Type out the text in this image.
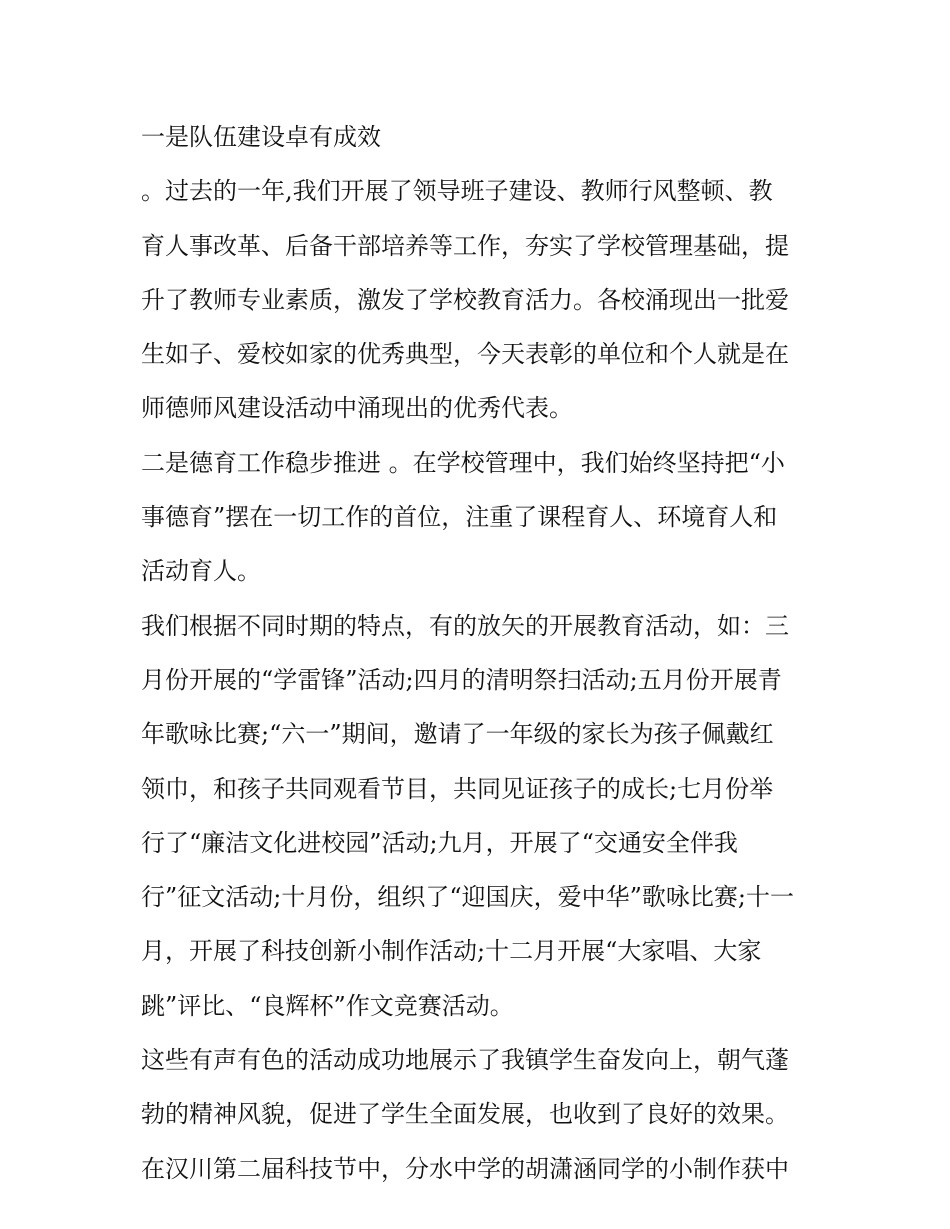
一是队伍建设卓有成效
。过去的一年,我们开展了领导班子建设、教师行风整顿、教
育人事改革、后备干部培养等工作，夯实了学校管理基础，提
升了教师专业素质，激发了学校教育活力。各校涌现出一批爱
生如子、爱校如家的优秀典型，今天表彰的单位和个人就是在
师德师风建设活动中涌现出的优秀代表。
二是德育工作稳步推进 。在学校管理中，我们始终坚持把“小
事德育”摆在一切工作的首位，注重了课程育人、环境育人和
活动育人。
我们根据不同时期的特点，有的放矢的开展教育活动，如：三
月份开展的“学雷锋”活动;四月的清明祭扫活动;五月份开展青
年歌咏比赛;“六一”期间，邀请了一年级的家长为孩子佩戴红
领巾，和孩子共同观看节目，共同见证孩子的成长;七月份举
行了“廉洁文化进校园”活动;九月，开展了“交通安全伴我
行”征文活动;十月份，组织了“迎国庆，爱中华”歌咏比赛;十一
月，开展了科技创新小制作活动;十二月开展“大家唱、大家
跳”评比、“良辉杯”作文竞赛活动。
这些有声有色的活动成功地展示了我镇学生奋发向上，朝气蓬
勃的精神风貌，促进了学生全面发展，也收到了良好的效果。
在汉川第二届科技节中，分水中学的胡潇涵同学的小制作获中
